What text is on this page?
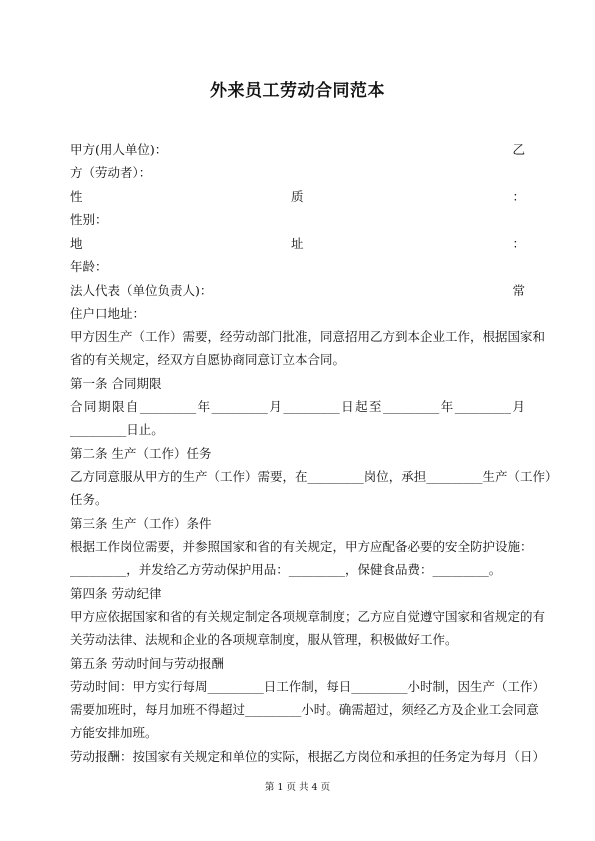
外来员工劳动合同范本
甲方(用人单位)：	乙
方（劳动者）：
性	质	：
性别：
地	址	：
年龄：
法人代表（单位负责人)：	常
住户口地址：
甲方因生产（工作）需要，经劳动部门批准，同意招用乙方到本企业工作，根据国家和
省的有关规定，经双方自愿协商同意订立本合同。
第一条 合同期限
合同期限自_________年_________月_________日起至_________年_________月
_________日止。
第二条 生产（工作）任务
乙方同意服从甲方的生产（工作）需要，在_________岗位，承担_________生产（工作）
任务。
第三条 生产（工作）条件
根据工作岗位需要，并参照国家和省的有关规定，甲方应配备必要的安全防护设施：
_________，并发给乙方劳动保护用品：_________，保健食品费：_________。
第四条 劳动纪律
甲方应依据国家和省的有关规定制定各项规章制度；乙方应自觉遵守国家和省规定的有
关劳动法律、法规和企业的各项规章制度，服从管理，积极做好工作。
第五条 劳动时间与劳动报酬
劳动时间：甲方实行每周_________日工作制，每日_________小时制，因生产（工作）
需要加班时，每月加班不得超过_________小时。确需超过，须经乙方及企业工会同意
方能安排加班。
劳动报酬：按国家有关规定和单位的实际，根据乙方岗位和承担的任务定为每月（日）
第 1 页 共 4 页
